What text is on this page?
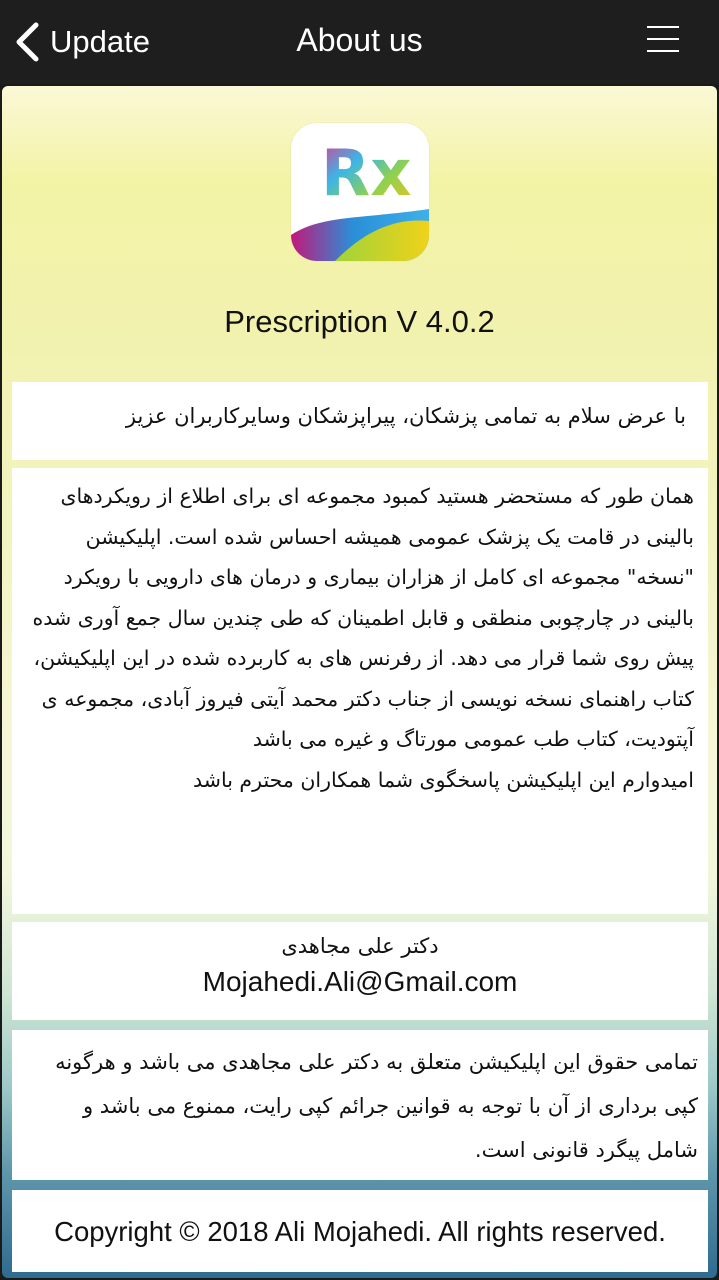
Update	About us
Rx
Prescription V 4.0.2
با عرض سلام به تمامی پزشکان، پیراپزشکان وسایرکاربران عزیز

همان طور که مستحضر هستید کمبود مجموعه ای برای اطلاع از رویکردهای بالینی در قامت یک پزشک عمومی همیشه احساس شده است. اپلیکیشن "نسخه" مجموعه ای کامل از هزاران بیماری و درمان های دارویی با رویکرد بالینی در چارچوبی منطقی و قابل اطمینان که طی چندین سال جمع آوری شده پیش روی شما قرار می دهد. از رفرنس های به کاربرده شده در این اپلیکیشن، کتاب راهنمای نسخه نویسی از جناب دکتر محمد آیتی فیروز آبادی، مجموعه ی آپتودیت، کتاب طب عمومی مورتاگ و غیره می باشد

امیدوارم این اپلیکیشن پاسخگوی شما همکاران محترم باشد

دکتر علی مجاهدی
Mojahedi.Ali@Gmail.com
تمامی حقوق این اپلیکیشن متعلق به دکتر علی مجاهدی می باشد و هرگونه کپی برداری از آن با توجه به قوانین جرائم کپی رایت، ممنوع می باشد و شامل پیگرد قانونی است.
Copyright © 2018 Ali Mojahedi. All rights reserved.
